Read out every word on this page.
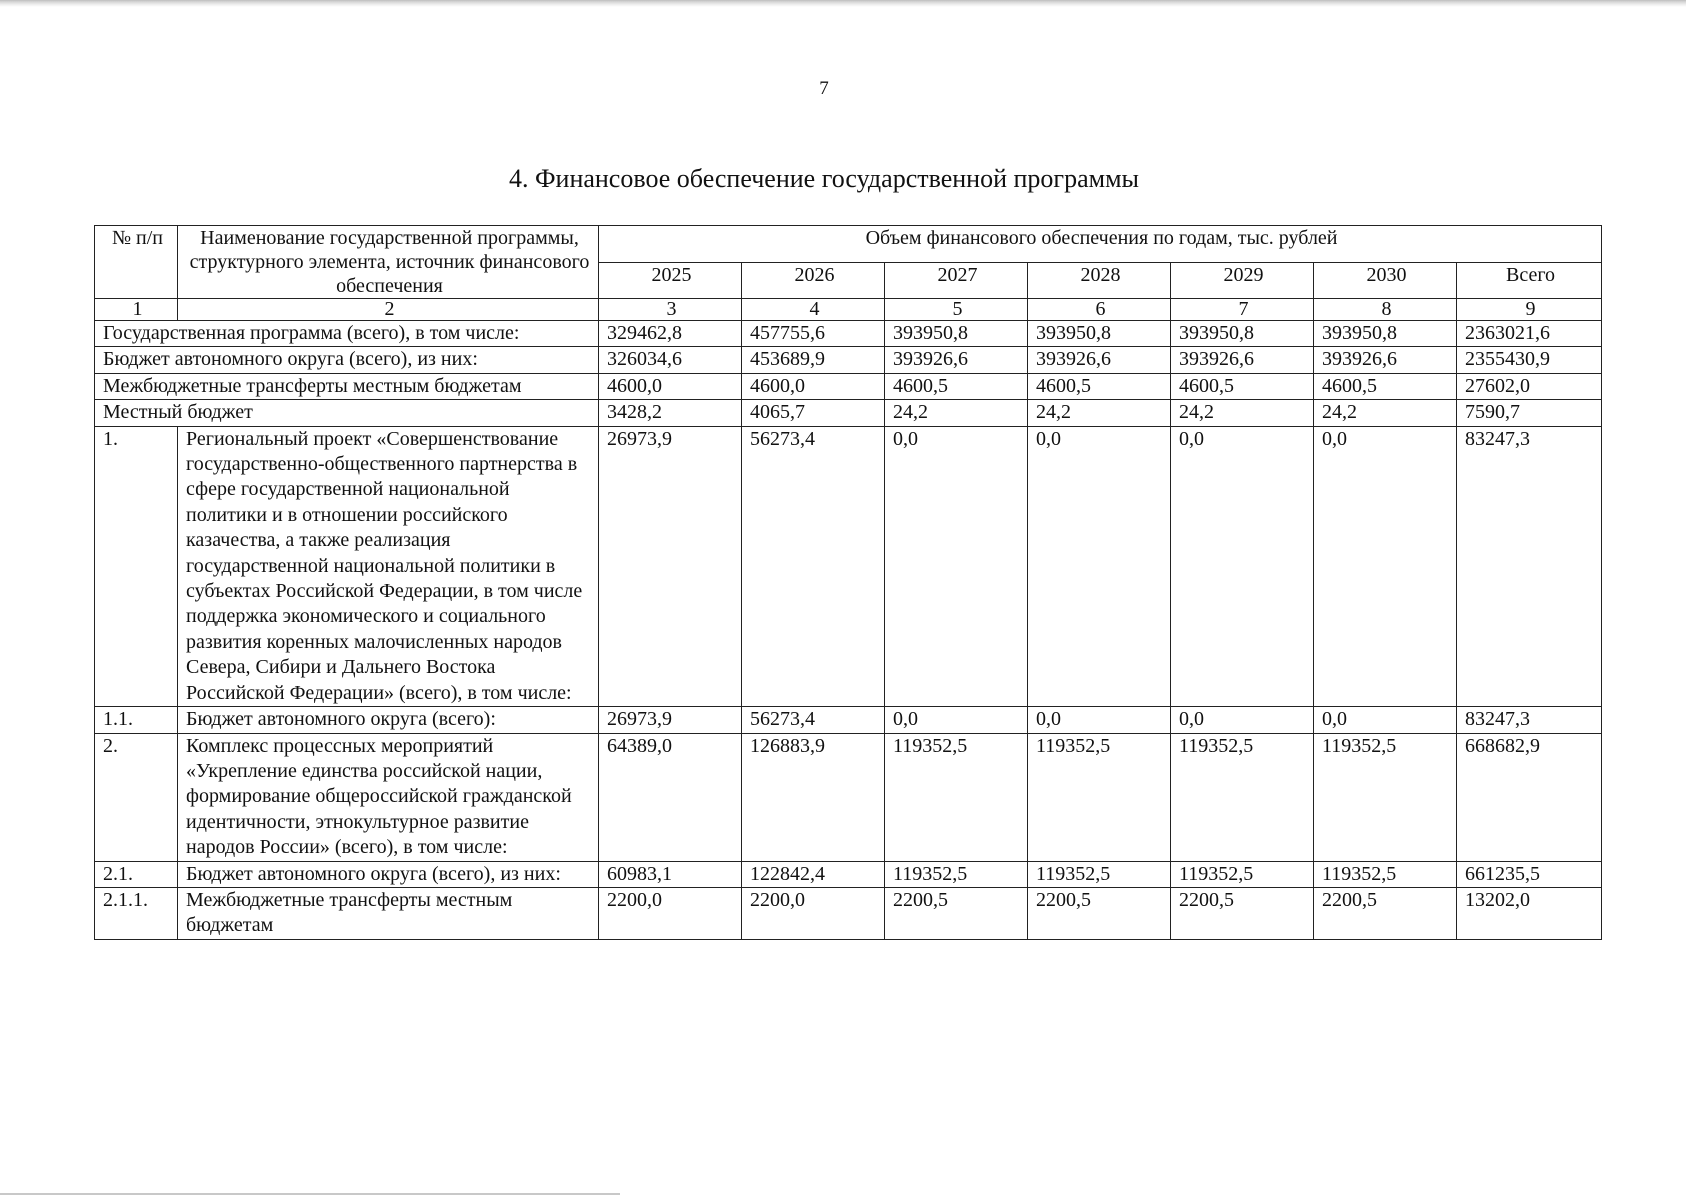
7
4. Финансовое обеспечение государственной программы
№ п/п	Наименование государственной программы, структурного элемента, источник финансового обеспечения	Объем финансового обеспечения по годам, тыс. рублей						
		2025	2026	2027	2028	2029	2030	Всего
1	2	3	4	5	6	7	8	9
Государственная программа (всего), в том числе:		329462,8	457755,6	393950,8	393950,8	393950,8	393950,8	2363021,6
Бюджет автономного округа (всего), из них:		326034,6	453689,9	393926,6	393926,6	393926,6	393926,6	2355430,9
Межбюджетные трансферты местным бюджетам		4600,0	4600,0	4600,5	4600,5	4600,5	4600,5	27602,0
Местный бюджет		3428,2	4065,7	24,2	24,2	24,2	24,2	7590,7
1.	Региональный проект «Совершенствование государственно-общественного партнерства в сфере государственной национальной политики и в отношении российского казачества, а также реализация государственной национальной политики в субъектах Российской Федерации, в том числе поддержка экономического и социального развития коренных малочисленных народов Севера, Сибири и Дальнего Востока Российской Федерации» (всего), в том числе:	26973,9	56273,4	0,0	0,0	0,0	0,0	83247,3
1.1.	Бюджет автономного округа (всего):	26973,9	56273,4	0,0	0,0	0,0	0,0	83247,3
2.	Комплекс процессных мероприятий «Укрепление единства российской нации, формирование общероссийской гражданской идентичности, этнокультурное развитие народов России» (всего), в том числе:	64389,0	126883,9	119352,5	119352,5	119352,5	119352,5	668682,9
2.1.	Бюджет автономного округа (всего), из них:	60983,1	122842,4	119352,5	119352,5	119352,5	119352,5	661235,5
2.1.1.	Межбюджетные трансферты местным бюджетам	2200,0	2200,0	2200,5	2200,5	2200,5	2200,5	13202,0
